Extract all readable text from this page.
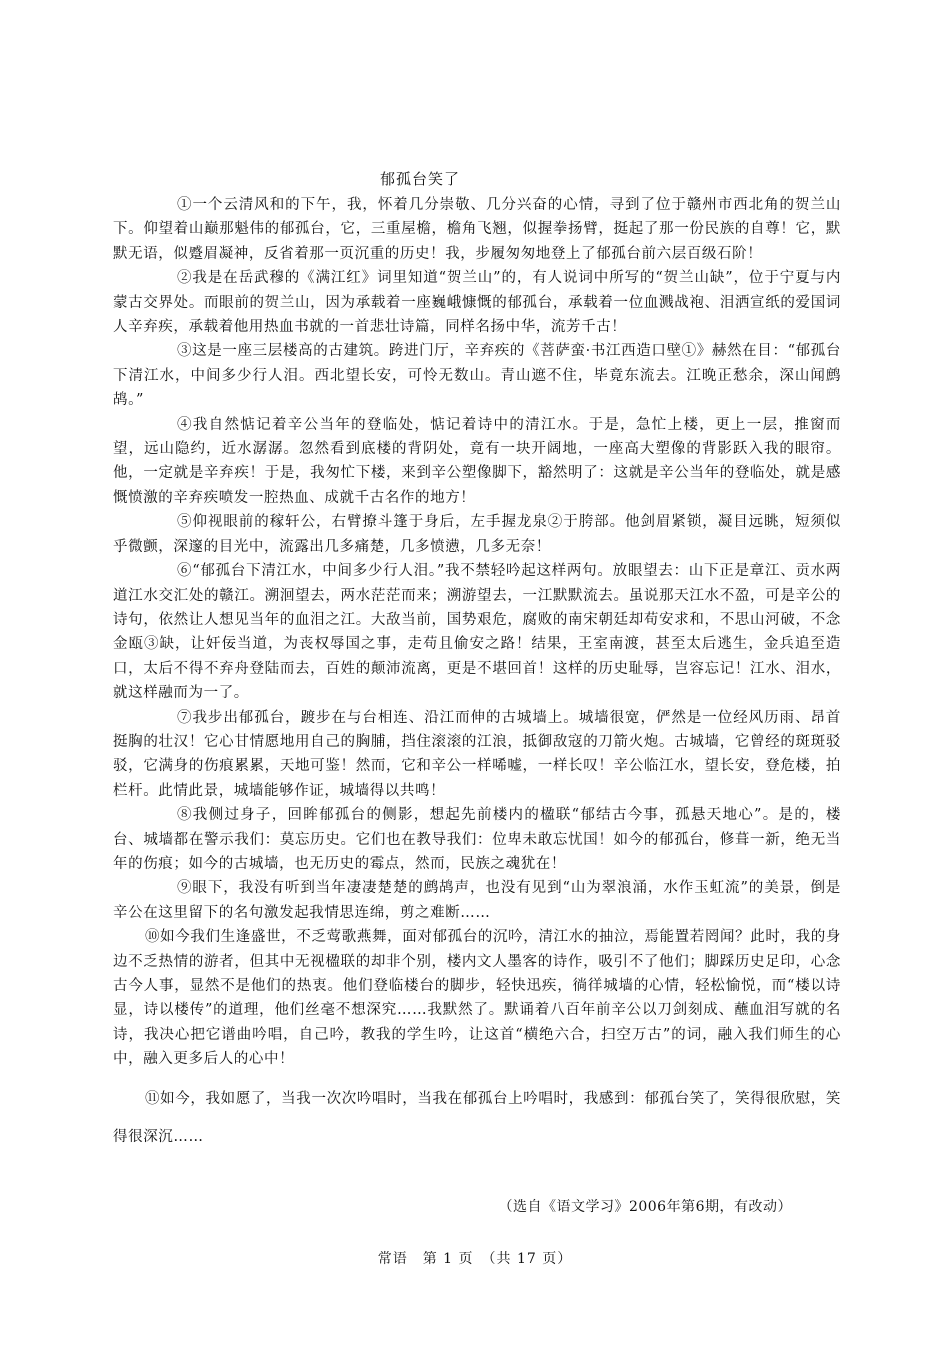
郁孤台笑了

①一个云清风和的下午，我，怀着几分崇敬、几分兴奋的心情，寻到了位于赣州市西北角的贺兰山下。仰望着山巅那魁伟的郁孤台，它，三重屋檐，檐角飞翘，似握拳扬臂，挺起了那一份民族的自尊！它，默默无语，似蹙眉凝神，反省着那一页沉重的历史！我，步履匆匆地登上了郁孤台前六层百级石阶！

②我是在岳武穆的《满江红》词里知道“贺兰山”的，有人说词中所写的“贺兰山缺”，位于宁夏与内蒙古交界处。而眼前的贺兰山，因为承载着一座巍峨慷慨的郁孤台，承载着一位血溅战袍、泪洒宣纸的爱国词人辛弃疾，承载着他用热血书就的一首悲壮诗篇，同样名扬中华，流芳千古！

③这是一座三层楼高的古建筑。跨进门厅，辛弃疾的《菩萨蛮·书江西造口壁①》赫然在目：“郁孤台下清江水，中间多少行人泪。西北望长安，可怜无数山。青山遮不住，毕竟东流去。江晚正愁余，深山闻鹧鸪。”

④我自然惦记着辛公当年的登临处，惦记着诗中的清江水。于是，急忙上楼，更上一层，推窗而望，远山隐约，近水潺潺。忽然看到底楼的背阴处，竟有一块开阔地，一座高大塑像的背影跃入我的眼帘。他，一定就是辛弃疾！于是，我匆忙下楼，来到辛公塑像脚下，豁然明了：这就是辛公当年的登临处，就是感慨愤激的辛弃疾喷发一腔热血、成就千古名作的地方！

⑤仰视眼前的稼轩公，右臂撩斗篷于身后，左手握龙泉②于胯部。他剑眉紧锁，凝目远眺，短须似乎微颤，深邃的目光中，流露出几多痛楚，几多愤懑，几多无奈！

⑥“郁孤台下清江水，中间多少行人泪。”我不禁轻吟起这样两句。放眼望去：山下正是章江、贡水两道江水交汇处的赣江。溯洄望去，两水茫茫而来；溯游望去，一江默默流去。虽说那天江水不盈，可是辛公的诗句，依然让人想见当年的血泪之江。大敌当前，国势艰危，腐败的南宋朝廷却苟安求和，不思山河破，不念金瓯③缺，让奸佞当道，为丧权辱国之事，走苟且偷安之路！结果，王室南渡，甚至太后逃生，金兵追至造口，太后不得不弃舟登陆而去，百姓的颠沛流离，更是不堪回首！这样的历史耻辱，岂容忘记！江水、泪水，就这样融而为一了。

⑦我步出郁孤台，踱步在与台相连、沿江而伸的古城墙上。城墙很宽，俨然是一位经风历雨、昂首挺胸的壮汉！它心甘情愿地用自己的胸脯，挡住滚滚的江浪，抵御敌寇的刀箭火炮。古城墙，它曾经的斑斑驳驳，它满身的伤痕累累，天地可鉴！然而，它和辛公一样唏嘘，一样长叹！辛公临江水，望长安，登危楼，拍栏杆。此情此景，城墙能够作证，城墙得以共鸣！

⑧我侧过身子，回眸郁孤台的侧影，想起先前楼内的楹联“郁结古今事，孤悬天地心”。是的，楼台、城墙都在警示我们：莫忘历史。它们也在教导我们：位卑未敢忘忧国！如今的郁孤台，修葺一新，绝无当年的伤痕；如今的古城墙，也无历史的霉点，然而，民族之魂犹在！

⑨眼下，我没有听到当年凄凄楚楚的鹧鸪声，也没有见到“山为翠浪涌，水作玉虹流”的美景，倒是辛公在这里留下的名句激发起我情思连绵，剪之难断……

⑩如今我们生逢盛世，不乏莺歌燕舞，面对郁孤台的沉吟，清江水的抽泣，焉能置若罔闻？此时，我的身边不乏热情的游者，但其中无视楹联的却非个别，楼内文人墨客的诗作，吸引不了他们；脚踩历史足印，心念古今人事，显然不是他们的热衷。他们登临楼台的脚步，轻快迅疾，徜徉城墙的心情，轻松愉悦，而“楼以诗显，诗以楼传”的道理，他们丝毫不想深究……我默然了。默诵着八百年前辛公以刀剑刻成、蘸血泪写就的名诗，我决心把它谱曲吟唱，自己吟，教我的学生吟，让这首“横绝六合，扫空万古”的词，融入我们师生的心中，融入更多后人的心中！

⑪如今，我如愿了，当我一次次吟唱时，当我在郁孤台上吟唱时，我感到：郁孤台笑了，笑得很欣慰，笑得很深沉……

（选自《语文学习》2006年第6期，有改动）
常语　第 1 页　（共 17 页）
